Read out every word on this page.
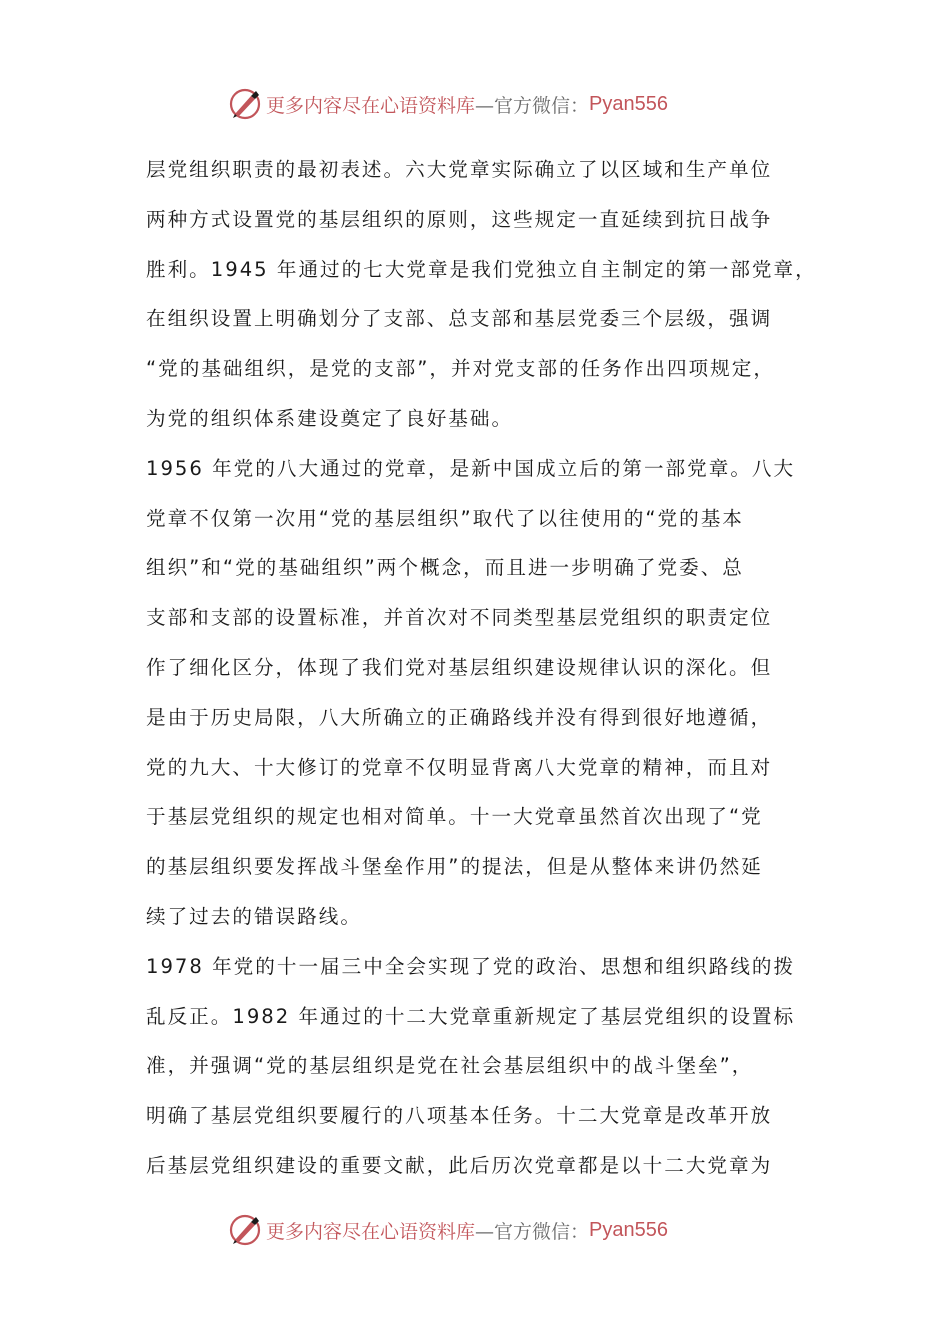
更多内容尽在心语资料库 —官方微信： Pyan556
层党组织职责的最初表述。六大党章实际确立了以区域和生产单位
两种方式设置党的基层组织的原则，这些规定一直延续到抗日战争
胜利。1945 年通过的七大党章是我们党独立自主制定的第一部党章，
在组织设置上明确划分了支部、总支部和基层党委三个层级，强调
“党的基础组织，是党的支部”，并对党支部的任务作出四项规定，
为党的组织体系建设奠定了良好基础。
1956 年党的八大通过的党章，是新中国成立后的第一部党章。八大
党章不仅第一次用“党的基层组织”取代了以往使用的“党的基本
组织”和“党的基础组织”两个概念，而且进一步明确了党委、总
支部和支部的设置标准，并首次对不同类型基层党组织的职责定位
作了细化区分，体现了我们党对基层组织建设规律认识的深化。但
是由于历史局限，八大所确立的正确路线并没有得到很好地遵循，
党的九大、十大修订的党章不仅明显背离八大党章的精神，而且对
于基层党组织的规定也相对简单。十一大党章虽然首次出现了“党
的基层组织要发挥战斗堡垒作用”的提法，但是从整体来讲仍然延
续了过去的错误路线。
1978 年党的十一届三中全会实现了党的政治、思想和组织路线的拨
乱反正。1982 年通过的十二大党章重新规定了基层党组织的设置标
准，并强调“党的基层组织是党在社会基层组织中的战斗堡垒”，
明确了基层党组织要履行的八项基本任务。十二大党章是改革开放
后基层党组织建设的重要文献，此后历次党章都是以十二大党章为
更多内容尽在心语资料库 —官方微信： Pyan556
